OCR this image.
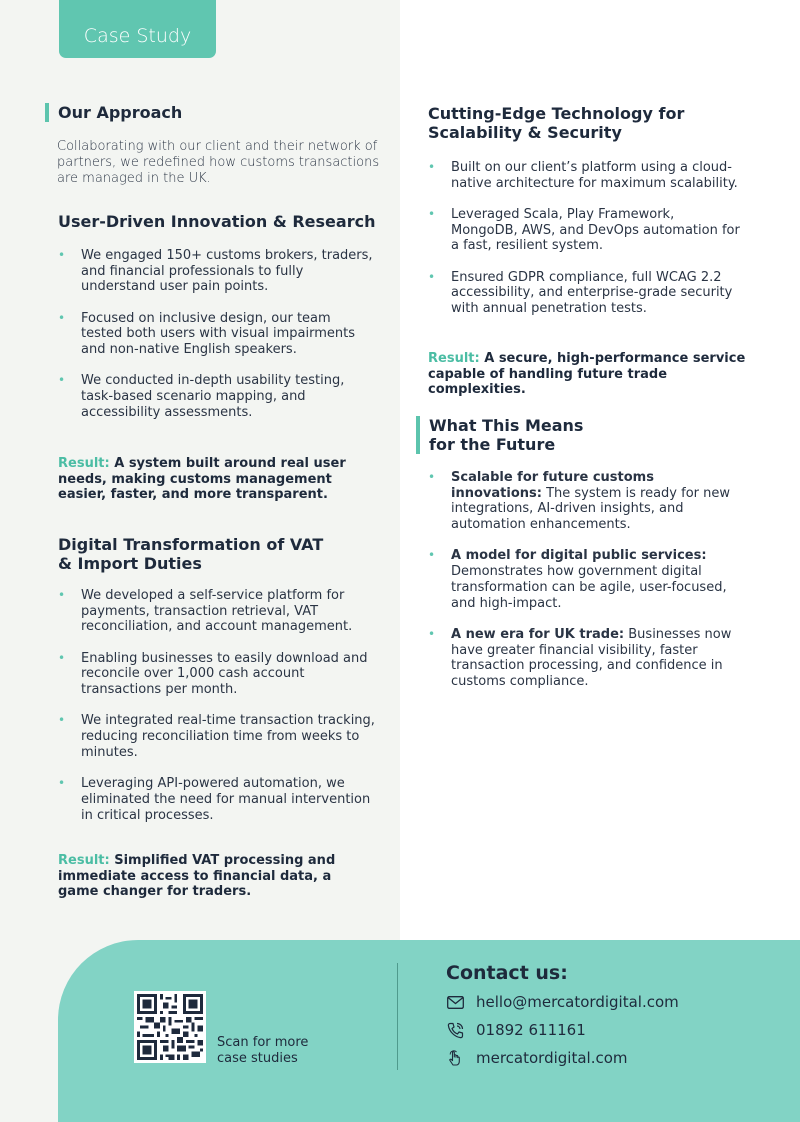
Case Study
Our Approach
Collaborating with our client and their network of partners, we redefined how customs transactions are managed in the UK.
User-Driven Innovation & Research
• We engaged 150+ customs brokers, traders, and financial professionals to fully understand user pain points.
• Focused on inclusive design, our team tested both users with visual impairments and non-native English speakers.
• We conducted in-depth usability testing, task-based scenario mapping, and accessibility assessments.
Result: A system built around real user needs, making customs management easier, faster, and more transparent.
Digital Transformation of VAT
& Import Duties
• We developed a self-service platform for payments, transaction retrieval, VAT reconciliation, and account management.
• Enabling businesses to easily download and reconcile over 1,000 cash account transactions per month.
• We integrated real-time transaction tracking, reducing reconciliation time from weeks to minutes.
• Leveraging API-powered automation, we eliminated the need for manual intervention in critical processes.
Result: Simplified VAT processing and immediate access to financial data, a game changer for traders.
Cutting-Edge Technology for
Scalability & Security
• Built on our client’s platform using a cloud-native architecture for maximum scalability.
• Leveraged Scala, Play Framework, MongoDB, AWS, and DevOps automation for a fast, resilient system.
• Ensured GDPR compliance, full WCAG 2.2 accessibility, and enterprise-grade security with annual penetration tests.
Result: A secure, high-performance service capable of handling future trade complexities.
What This Means
for the Future
• Scalable for future customs innovations: The system is ready for new integrations, AI-driven insights, and automation enhancements.
• A model for digital public services: Demonstrates how government digital transformation can be agile, user-focused, and high-impact.
• A new era for UK trade: Businesses now have greater financial visibility, faster transaction processing, and confidence in customs compliance.
Scan for more
case studies
Contact us:
hello@mercatordigital.com
01892 611161
mercatordigital.com
